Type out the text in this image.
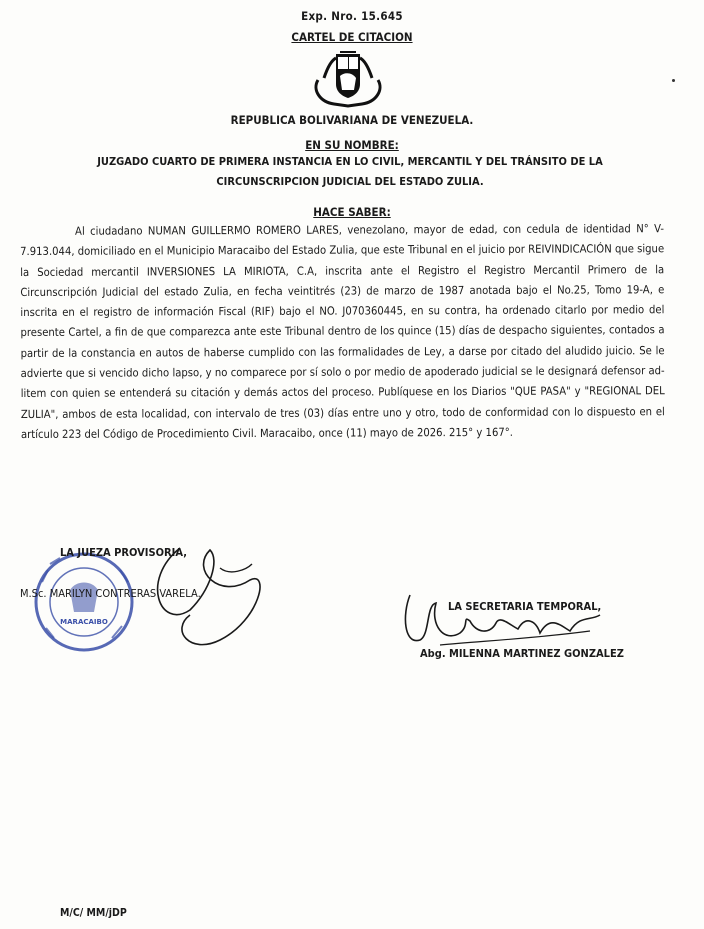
Exp. Nro. 15.645
CARTEL DE CITACION
REPUBLICA BOLIVARIANA DE VENEZUELA.
EN SU NOMBRE:
JUZGADO CUARTO DE PRIMERA INSTANCIA EN LO CIVIL, MERCANTIL Y DEL TRÁNSITO DE LA
CIRCUNSCRIPCION JUDICIAL DEL ESTADO ZULIA.
HACE SABER:
Al ciudadano NUMAN GUILLERMO ROMERO LARES, venezolano, mayor de edad, con cedula de identidad N° V-7.913.044, domiciliado en el Municipio Maracaibo del Estado Zulia, que este Tribunal en el juicio por REIVINDICACIÓN que sigue la Sociedad mercantil INVERSIONES LA MIRIOTA, C.A, inscrita ante el Registro el Registro Mercantil Primero de la Circunscripción Judicial del estado Zulia, en fecha veintitrés (23) de marzo de 1987 anotada bajo el No.25, Tomo 19-A, e inscrita en el registro de información Fiscal (RIF) bajo el NO. J070360445, en su contra, ha ordenado citarlo por medio del presente Cartel, a fin de que comparezca ante este Tribunal dentro de los quince (15) días de despacho siguientes, contados a partir de la constancia en autos de haberse cumplido con las formalidades de Ley, a darse por citado del aludido juicio. Se le advierte que si vencido dicho lapso, y no comparece por sí solo o por medio de apoderado judicial se le designará defensor ad-litem con quien se entenderá su citación y demás actos del proceso. Publíquese en los Diarios "QUE PASA" y "REGIONAL DEL ZULIA", ambos de esta localidad, con intervalo de tres (03) días entre uno y otro, todo de conformidad con lo dispuesto en el artículo 223 del Código de Procedimiento Civil. Maracaibo, once (11) mayo de 2026. 215° y 167°.
MARACAIBO
LA JUEZA PROVISORIA,
M.Sc. MARILYN CONTRERAS VARELA.
LA SECRETARIA TEMPORAL,
Abg. MILENNA MARTINEZ GONZALEZ
M/C/ MM/jDP
